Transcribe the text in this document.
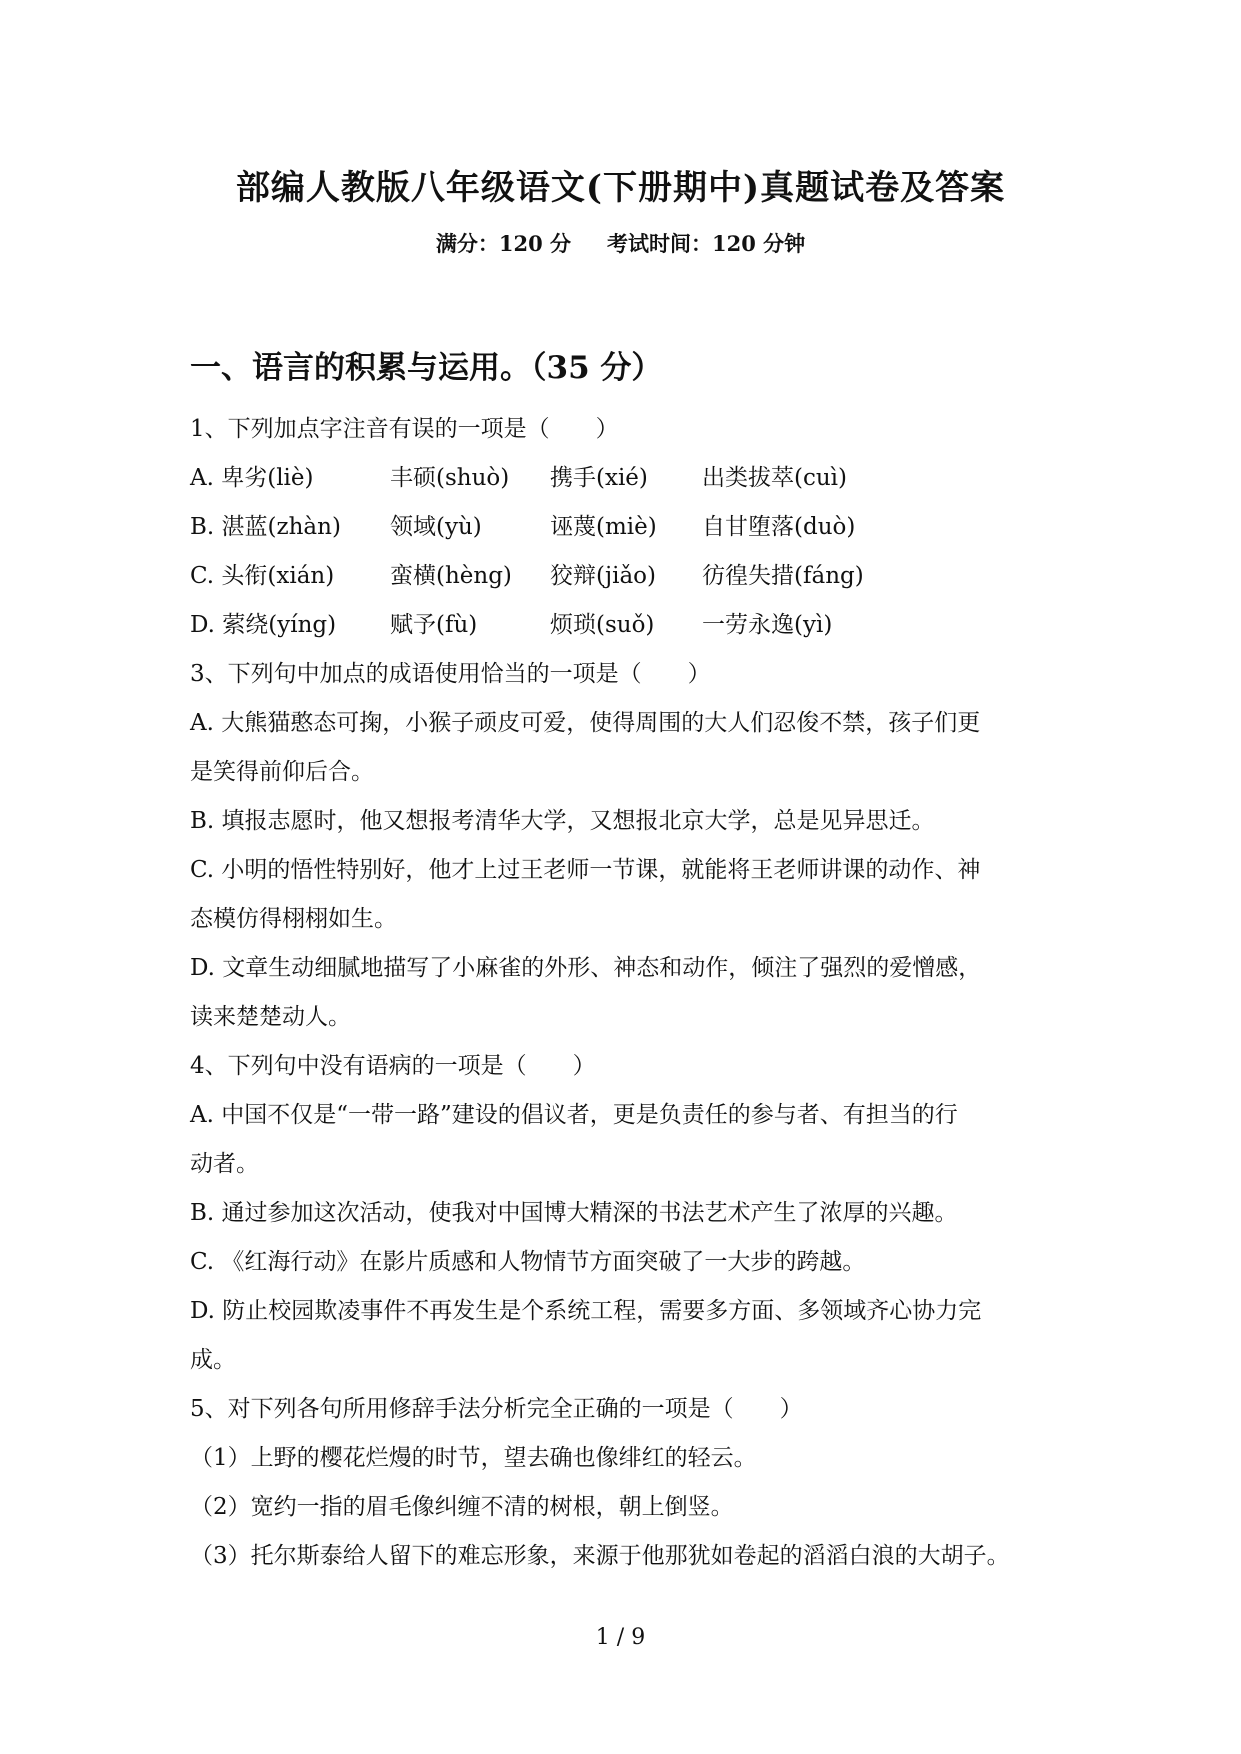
部编人教版八年级语文(下册期中)真题试卷及答案
满分：120 分 考试时间：120 分钟
一、语言的积累与运用。（35 分）
1、下列加点字注音有误的一项是（　　）
A. 卑劣(liè)	丰硕(shuò) 携手(xié) 出类拔萃(cuì)
B. 湛蓝(zhàn) 领域(yù)	诬蔑(miè) 自甘堕落(duò)
C. 头衔(xián) 蛮横(hèng) 狡辩(jiǎo) 彷徨失措(fáng)
D. 萦绕(yíng) 赋予(fù)	烦琐(suǒ) 一劳永逸(yì)
3、下列句中加点的成语使用恰当的一项是（　　）
A. 大熊猫憨态可掬，小猴子顽皮可爱，使得周围的大人们忍俊不禁，孩子们更
是笑得前仰后合。
B. 填报志愿时，他又想报考清华大学，又想报北京大学，总是见异思迁。
C. 小明的悟性特别好，他才上过王老师一节课，就能将王老师讲课的动作、神
态模仿得栩栩如生。
D. 文章生动细腻地描写了小麻雀的外形、神态和动作，倾注了强烈的爱憎感，
读来楚楚动人。
4、下列句中没有语病的一项是（　　）
A. 中国不仅是“一带一路”建设的倡议者，更是负责任的参与者、有担当的行
动者。
B. 通过参加这次活动，使我对中国博大精深的书法艺术产生了浓厚的兴趣。
C. 《红海行动》在影片质感和人物情节方面突破了一大步的跨越。
D. 防止校园欺凌事件不再发生是个系统工程，需要多方面、多领域齐心协力完
成。
5、对下列各句所用修辞手法分析完全正确的一项是（　　）
（1）上野的樱花烂熳的时节，望去确也像绯红的轻云。
（2）宽约一指的眉毛像纠缠不清的树根，朝上倒竖。
（3）托尔斯泰给人留下的难忘形象，来源于他那犹如卷起的滔滔白浪的大胡子。
1 / 9
